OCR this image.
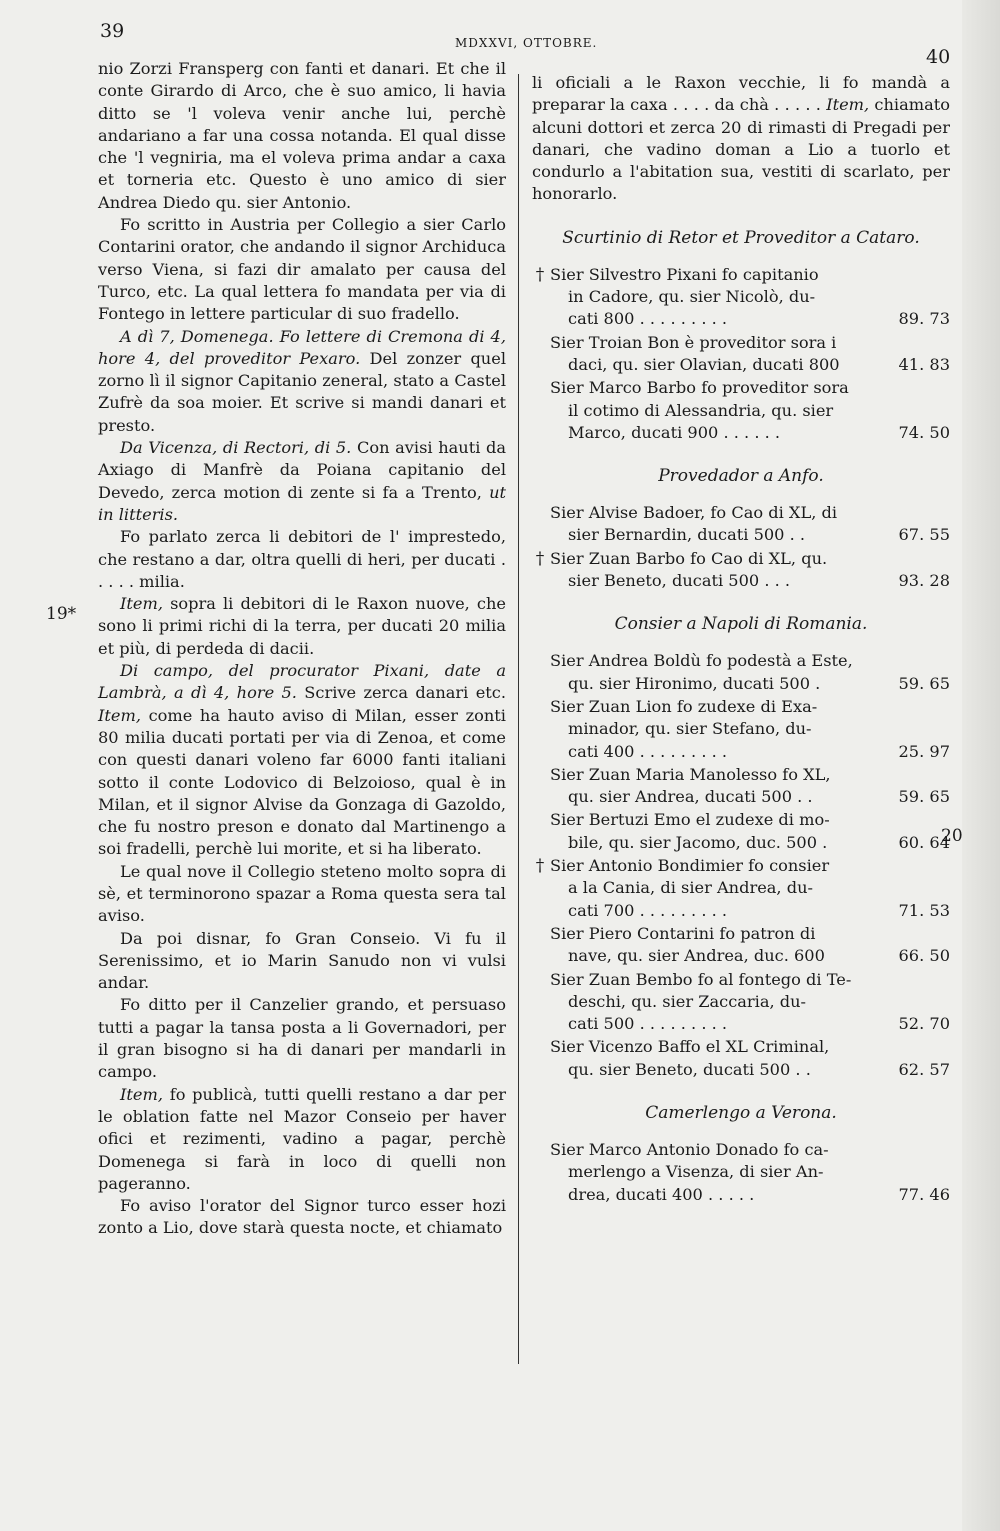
39
MDXXVI, OTTOBRE.
40
19*
20

nio Zorzi Fransperg con fanti et danari. Et che il conte Girardo di Arco, che è suo amico, li havia ditto se 'l voleva venir anche lui, perchè andariano a far una cossa notanda. El qual disse che 'l vegniria, ma el voleva prima andar a caxa et torneria etc. Questo è uno amico di sier Andrea Diedo qu. sier Antonio.

Fo scritto in Austria per Collegio a sier Carlo Contarini orator, che andando il signor Archiduca verso Viena, si fazi dir amalato per causa del Turco, etc. La qual lettera fo mandata per via di Fontego in lettere particular di suo fradello.

A dì 7, Domenega. Fo lettere di Cremona di 4, hore 4, del proveditor Pexaro. Del zonzer quel zorno lì il signor Capitanio zeneral, stato a Castel Zufrè da soa moier. Et scrive si mandi danari et presto.

Da Vicenza, di Rectori, di 5. Con avisi hauti da Axiago di Manfrè da Poiana capitanio del Devedo, zerca motion di zente si fa a Trento, ut in litteris.

Fo parlato zerca li debitori de l' imprestedo, che restano a dar, oltra quelli di heri, per ducati . . . . . milia.

Item, sopra li debitori di le Raxon nuove, che sono li primi richi di la terra, per ducati 20 milia et più, di perdeda di dacii.

Di campo, del procurator Pixani, date a Lambrà, a dì 4, hore 5. Scrive zerca danari etc. Item, come ha hauto aviso di Milan, esser zonti 80 milia ducati portati per via di Zenoa, et come con questi danari voleno far 6000 fanti italiani sotto il conte Lodovico di Belzoioso, qual è in Milan, et il signor Alvise da Gonzaga di Gazoldo, che fu nostro preson e donato dal Martinengo a soi fradelli, perchè lui morite, et si ha liberato.

Le qual nove il Collegio steteno molto sopra di sè, et terminorono spazar a Roma questa sera tal aviso.

Da poi disnar, fo Gran Conseio. Vi fu il Serenissimo, et io Marin Sanudo non vi vulsi andar.

Fo ditto per il Canzelier grando, et persuaso tutti a pagar la tansa posta a li Governadori, per il gran bisogno si ha di danari per mandarli in campo.

Item, fo publicà, tutti quelli restano a dar per le oblation fatte nel Mazor Conseio per haver ofici et rezimenti, vadino a pagar, perchè Domenega si farà in loco di quelli non pageranno.

Fo aviso l'orator del Signor turco esser hozi zonto a Lio, dove starà questa nocte, et chiamato

li oficiali a le Raxon vecchie, li fo mandà a preparar la caxa . . . . da chà . . . . . Item, chiamato alcuni dottori et zerca 20 di rimasti di Pregadi per danari, che vadino doman a Lio a tuorlo et condurlo a l'abitation sua, vestiti di scarlato, per honorarlo.

Scurtinio di Retor et Proveditor a Cataro.
† Sier Silvestro Pixani fo capitanio
in Cadore, qu. sier Nicolò, du-
cati 800 . . . . . . . . .	89. 73
Sier Troian Bon è proveditor sora i
daci, qu. sier Olavian, ducati 800	41. 83
Sier Marco Barbo fo proveditor sora
il cotimo di Alessandria, qu. sier
Marco, ducati 900 . . . . . .	74. 50
Provedador a Anfo.
Sier Alvise Badoer, fo Cao di XL, di
sier Bernardin, ducati 500 . .	67. 55
† Sier Zuan Barbo fo Cao di XL, qu.
sier Beneto, ducati 500 . . .	93. 28
Consier a Napoli di Romania.
Sier Andrea Boldù fo podestà a Este,
qu. sier Hironimo, ducati 500 .	59. 65
Sier Zuan Lion fo zudexe di Exa-
minador, qu. sier Stefano, du-
cati 400 . . . . . . . . .	25. 97
Sier Zuan Maria Manolesso fo XL,
qu. sier Andrea, ducati 500 . .	59. 65
Sier Bertuzi Emo el zudexe di mo-
bile, qu. sier Jacomo, duc. 500 .	60. 64
† Sier Antonio Bondimier fo consier
a la Cania, di sier Andrea, du-
cati 700 . . . . . . . . .	71. 53
Sier Piero Contarini fo patron di
nave, qu. sier Andrea, duc. 600	66. 50
Sier Zuan Bembo fo al fontego di Te-
deschi, qu. sier Zaccaria, du-
cati 500 . . . . . . . . .	52. 70
Sier Vicenzo Baffo el XL Criminal,
qu. sier Beneto, ducati 500 . .	62. 57
Camerlengo a Verona.
Sier Marco Antonio Donado fo ca-
merlengo a Visenza, di sier An-
drea, ducati 400 . . . . .	77. 46
